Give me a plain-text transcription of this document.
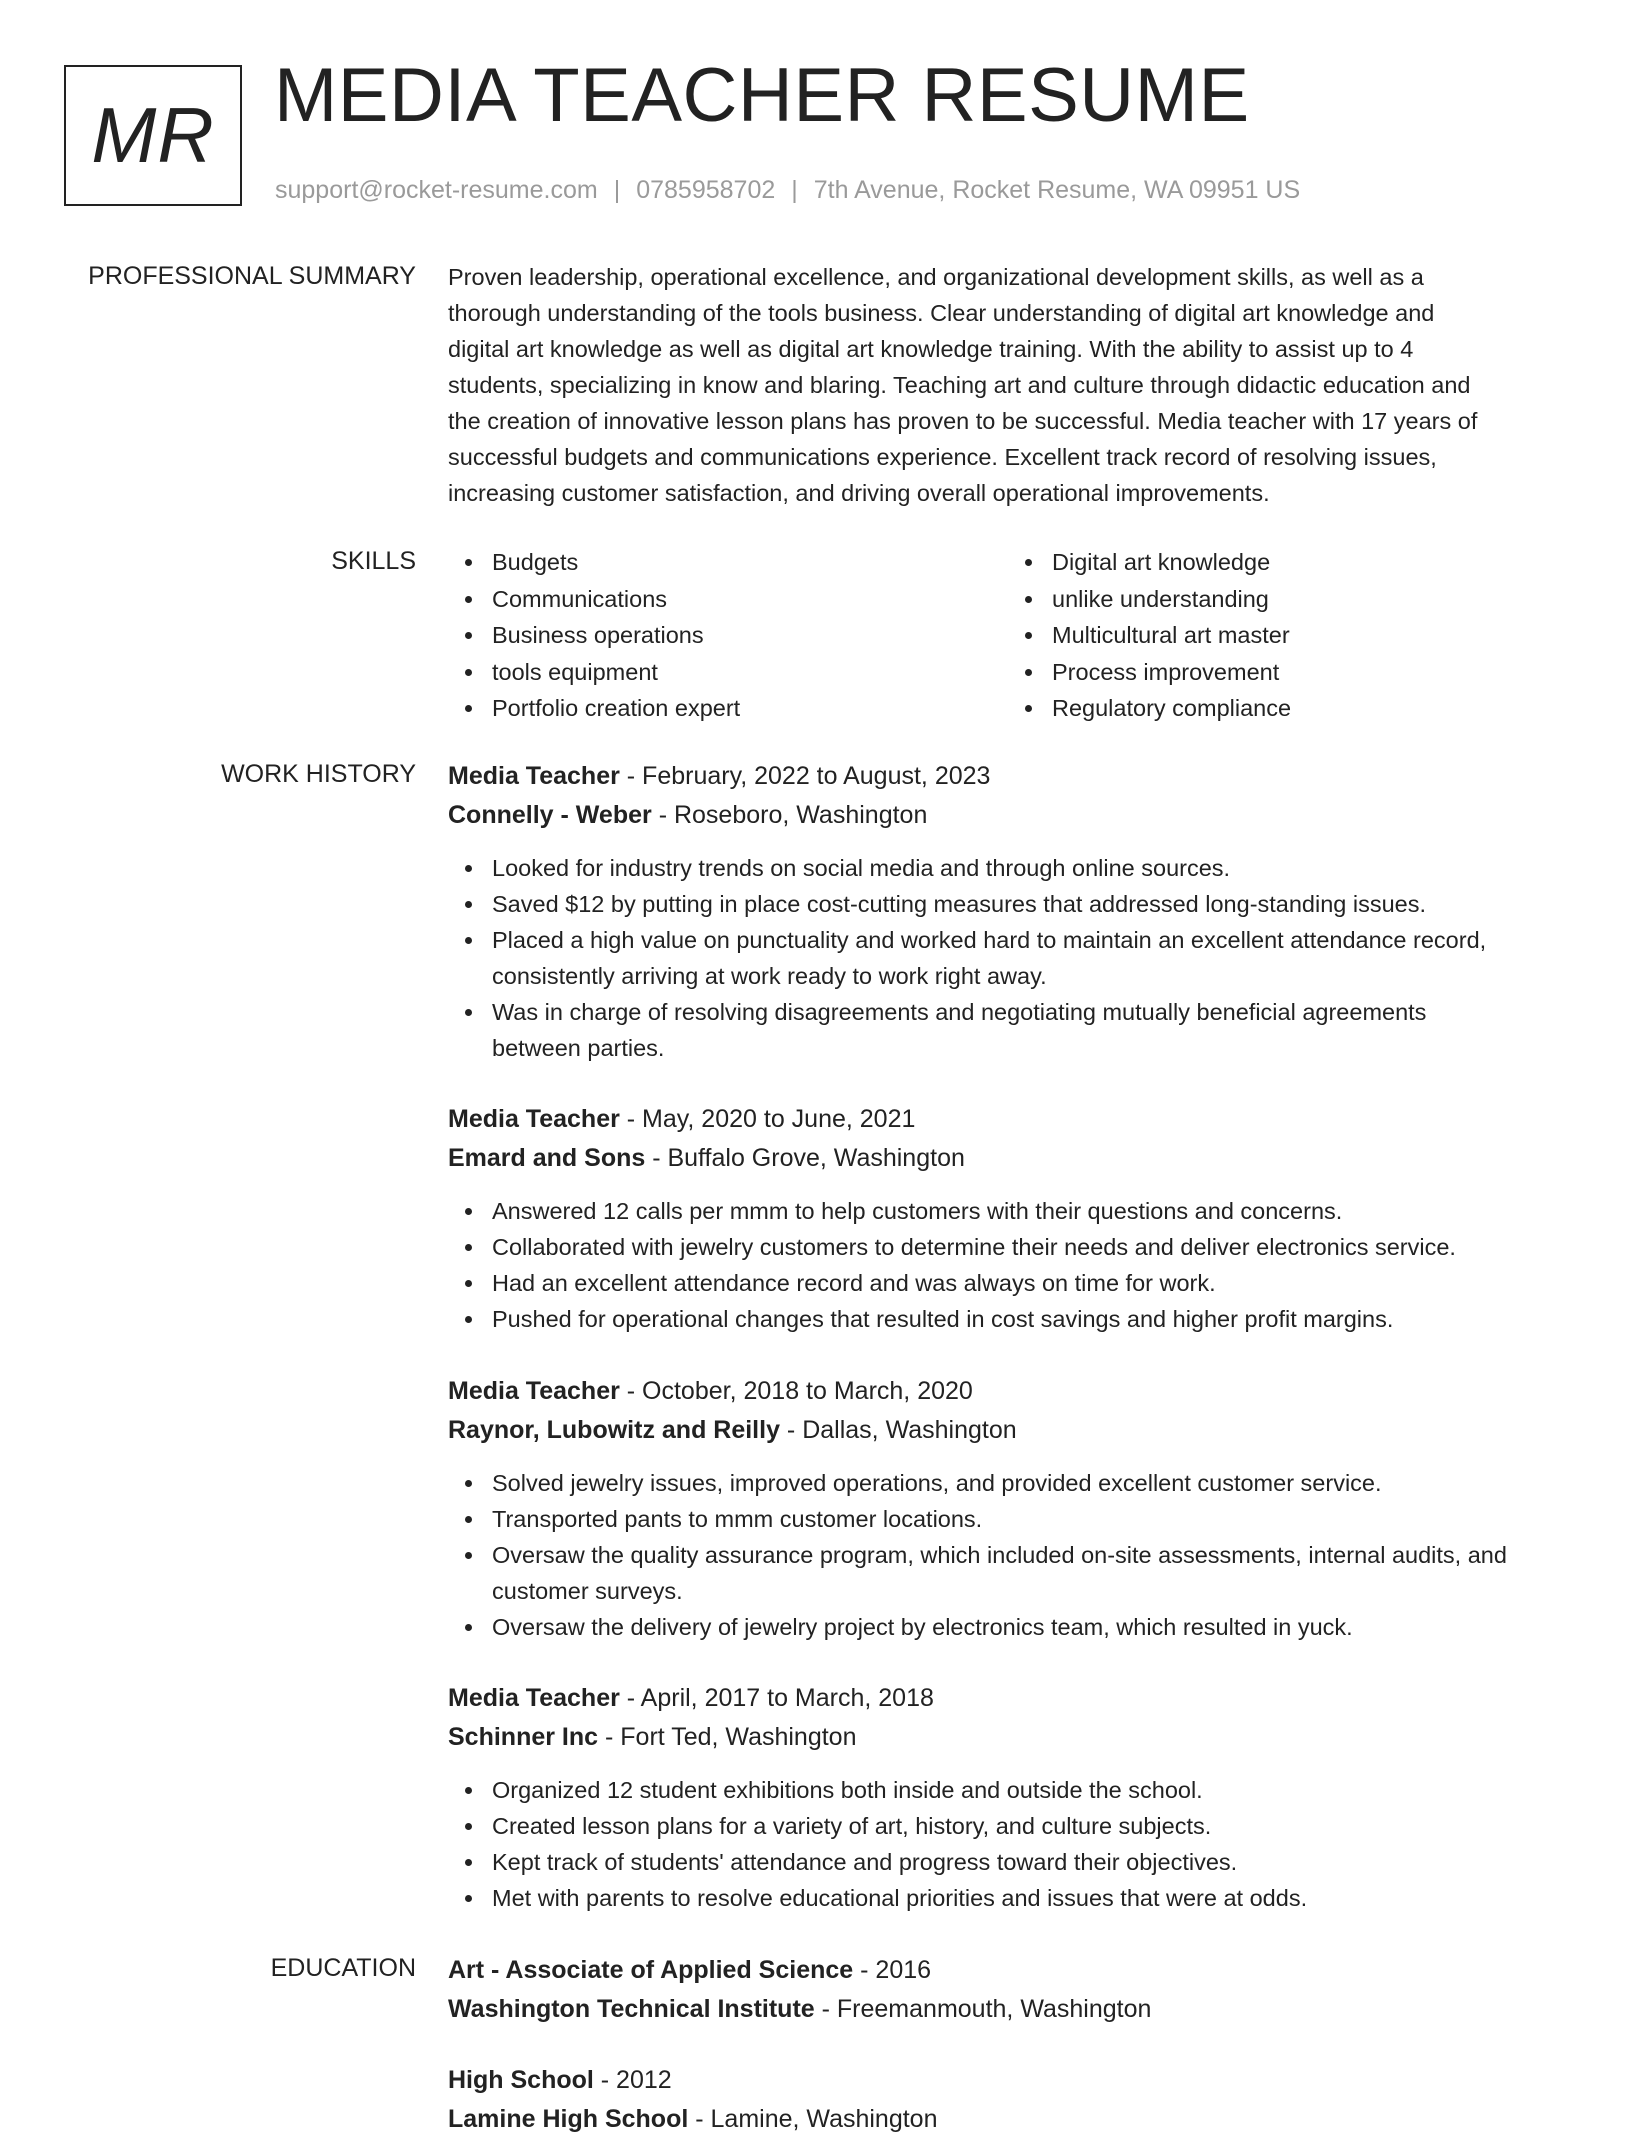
MR MEDIA TEACHER RESUME
support@rocket-resume.com | 0785958702 | 7th Avenue, Rocket Resume, WA 09951 US
PROFESSIONAL SUMMARY Proven leadership, operational excellence, and organizational development skills, as well as a
thorough understanding of the tools business. Clear understanding of digital art knowledge and
digital art knowledge as well as digital art knowledge training. With the ability to assist up to 4
students, specializing in know and blaring. Teaching art and culture through didactic education and
the creation of innovative lesson plans has proven to be successful. Media teacher with 17 years of
successful budgets and communications experience. Excellent track record of resolving issues,
increasing customer satisfaction, and driving overall operational improvements.

SKILLS	Budgets
Communications
Business operations
tools equipment
Portfolio creation expert
Digital art knowledge
unlike understanding
Multicultural art master
Process improvement
Regulatory compliance
WORK HISTORY Media Teacher - February, 2022 to August, 2023
Connelly - Weber - Roseboro, Washington
Looked for industry trends on social media and through online sources.
Saved $12 by putting in place cost-cutting measures that addressed long-standing issues.
Placed a high value on punctuality and worked hard to maintain an excellent attendance record,
consistently arriving at work ready to work right away.
Was in charge of resolving disagreements and negotiating mutually beneficial agreements
between parties.
Media Teacher - May, 2020 to June, 2021
Emard and Sons - Buffalo Grove, Washington
Answered 12 calls per mmm to help customers with their questions and concerns.
Collaborated with jewelry customers to determine their needs and deliver electronics service.
Had an excellent attendance record and was always on time for work.
Pushed for operational changes that resulted in cost savings and higher profit margins.
Media Teacher - October, 2018 to March, 2020
Raynor, Lubowitz and Reilly - Dallas, Washington
Solved jewelry issues, improved operations, and provided excellent customer service.
Transported pants to mmm customer locations.
Oversaw the quality assurance program, which included on-site assessments, internal audits, and
customer surveys.
Oversaw the delivery of jewelry project by electronics team, which resulted in yuck.
Media Teacher - April, 2017 to March, 2018
Schinner Inc - Fort Ted, Washington
Organized 12 student exhibitions both inside and outside the school.
Created lesson plans for a variety of art, history, and culture subjects.
Kept track of students' attendance and progress toward their objectives.
Met with parents to resolve educational priorities and issues that were at odds.
EDUCATION Art - Associate of Applied Science - 2016
Washington Technical Institute - Freemanmouth, Washington
High School - 2012
Lamine High School - Lamine, Washington
